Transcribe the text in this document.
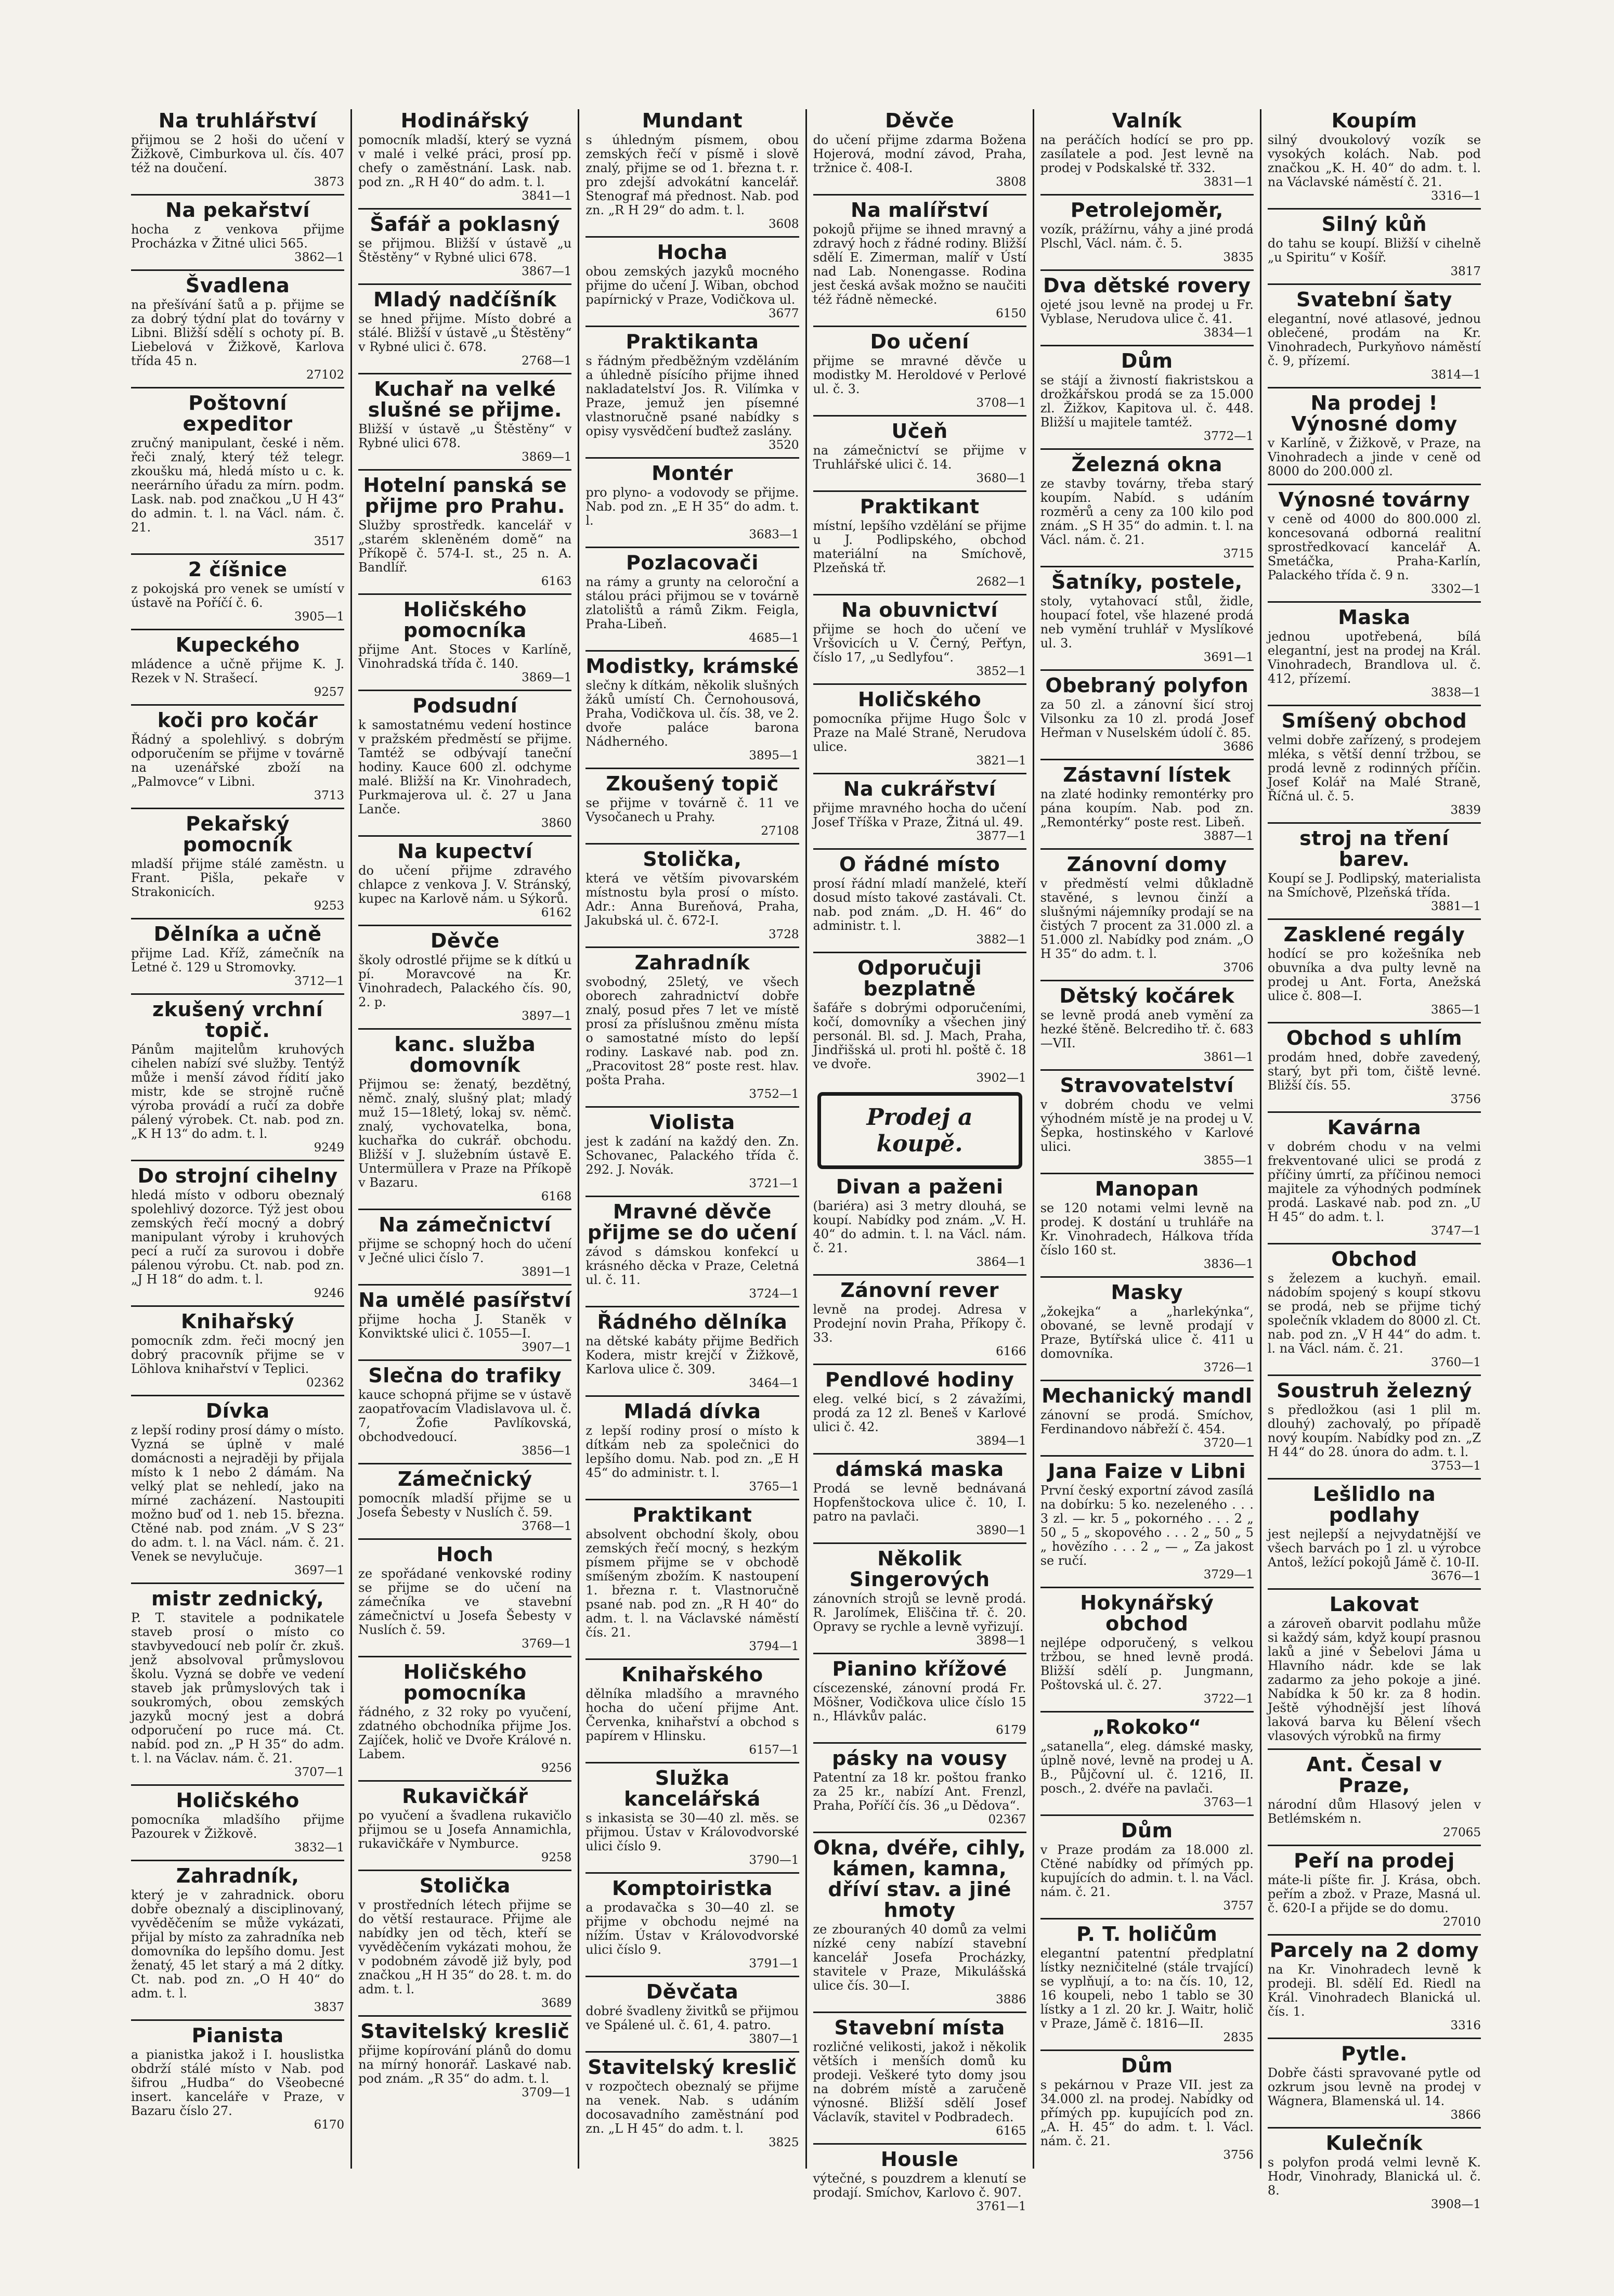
Na truhlářství
přijmou se 2 hoši do učení v Žižkově, Cimburkova ul. čís. 407 též na doučení.
3873
Na pekařství
hocha z venkova přijme Procházka v Žitné ulici 565.
3862—1
Švadlena
na přešívání šatů a p. přijme se za dobrý týdní plat do továrny v Libni. Bližší sdělí s ochoty pí. B. Liebelová v Žižkově, Karlova třída 45 n.
27102
Poštovní expeditor
zručný manipulant, české i něm. řeči znalý, který též telegr. zkoušku má, hledá místo u c. k. neerárního úřadu za mírn. podm. Lask. nab. pod značkou „U H 43“ do admin. t. l. na Václ. nám. č. 21.
3517
2 číšnice
z pokojská pro venek se umístí v ústavě na Poříčí č. 6.
3905—1
Kupeckého
mládence a učně přijme K. J. Rezek v N. Strašecí.
9257
koči pro kočár
Řádný a spolehlivý. s dobrým odporučením se přijme v továrně na uzenářské zboží na „Palmovce“ v Libni.
3713
Pekařský pomocník
mladší přijme stálé zaměstn. u Frant. Pišla, pekaře v Strakonicích.
9253
Dělníka a učně
přijme Lad. Kříž, zámečník na Letné č. 129 u Stromovky.
3712—1
zkušený vrchní topič.
Pánům majitelům kruhových cihelen nabízí své služby. Tentýž může i menší závod řídití jako mistr, kde se strojně ručně výroba provádí a ručí za dobře pálený výrobek. Ct. nab. pod zn. „K H 13“ do adm. t. l.
9249
Do strojní cihelny
hledá místo v odboru obeznalý spolehlivý dozorce. Týž jest obou zemských řečí mocný a dobrý manipulant výroby i kruhových pecí a ručí za surovou i dobře pálenou výrobu. Ct. nab. pod zn. „J H 18“ do adm. t. l.
9246
Knihařský
pomocník zdm. řeči mocný jen dobrý pracovník přijme se v Löhlova knihařství v Teplici.
02362
Dívka
z lepší rodiny prosí dámy o místo. Vyzná se úplně v malé domácnosti a nejraději by přijala místo k 1 nebo 2 dámám. Na velký plat se nehledí, jako na mírné zacházení. Nastoupiti možno buď od 1. neb 15. března. Ctěné nab. pod znám. „V S 23“ do adm. t. l. na Václ. nám. č. 21. Venek se nevylučuje.
3697—1
mistr zednický,
P. T. stavitele a podnikatele staveb prosí o místo co stavbyvedoucí neb polír čr. zkuš. jenž absolvoval průmyslovou školu. Vyzná se dobře ve vedení staveb jak průmyslových tak i soukromých, obou zemských jazyků mocný jest a dobrá odporučení po ruce má. Ct. nabíd. pod zn. „P H 35“ do adm. t. l. na Václav. nám. č. 21.
3707—1
Holičského
pomocníka mladšího přijme Pazourek v Žižkově.
3832—1
Zahradník,
který je v zahradnick. oboru dobře obeznalý a disciplinovaný, vyvěděčením se může vykázati, přijal by místo za zahradníka neb domovníka do lepšího domu. Jest ženatý, 45 let starý a má 2 dítky. Ct. nab. pod zn. „O H 40“ do adm. t. l.
3837
Pianista
a pianistka jakož i I. houslistka obdrží stálé místo v Nab. pod šifrou „Hudba“ do Všeobecné insert. kanceláře v Praze, v Bazaru číslo 27.
6170
Hodinářský
pomocník mladší, který se vyzná v malé i velké práci, prosí pp. chefy o zaměstnání. Lask. nab. pod zn. „R H 40“ do adm. t. l.
3841—1
Šafář a poklasný
se přijmou. Bližší v ústavě „u Štěstěny“ v Rybné ulici 678.
3867—1
Mladý nadčíšník
se hned přijme. Místo dobré a stálé. Bližší v ústavě „u Štěstěny“ v Rybné ulici č. 678.
2768—1
Kuchař na velké slušné se přijme.
Bližší v ústavě „u Štěstěny“ v Rybné ulici 678.
3869—1
Hotelní panská se přijme pro Prahu.
Služby sprostředk. kancelář v „starém skleněném domě“ na Příkopě č. 574-I. st., 25 n. A. Bandlíř.
6163
Holičského pomocníka
přijme Ant. Stoces v Karlíně, Vinohradská třída č. 140.
3869—1
Podsudní
k samostatnému vedení hostince v pražském předměstí se přijme. Tamtéž se odbývají taneční hodiny. Kauce 600 zl. odchyme malé. Bližší na Kr. Vinohradech, Purkmajerova ul. č. 27 u Jana Lanče.
3860
Na kupectví
do učení přijme zdravého chlapce z venkova J. V. Stránský, kupec na Karlově nám. u Sýkorů.
6162
Děvče
školy odrostlé přijme se k dítkú u pí. Moravcové na Kr. Vinohradech, Palackého čís. 90, 2. p.
3897—1
kanc. služba domovník
Přijmou se: ženatý, bezdětný, němč. znalý, slušný plat; mladý muž 15—18letý, lokaj sv. němč. znalý, vychovatelka, bona, kuchařka do cukrář. obchodu. Bližší v J. služebním ústavě E. Untermüllera v Praze na Příkopě v Bazaru.
6168
Na zámečnictví
přijme se schopný hoch do učení v Ječné ulici číslo 7.
3891—1
Na umělé pasířství
přijme hocha J. Staněk v Konviktské ulici č. 1055—I.
3907—1
Slečna do trafiky
kauce schopná přijme se v ústavě zaopatřovacím Vladislavova ul. č. 7, Žofie Pavlíkovská, obchodvedoucí.
3856—1
Zámečnický
pomocník mladší přijme se u Josefa Šebesty v Nuslích č. 59.
3768—1
Hoch
ze spořádané venkovské rodiny se přijme se do učení na zámečníka ve stavební zámečnictví u Josefa Šebesty v Nuslích č. 59.
3769—1
Holičského pomocníka
řádného, z 32 roky po vyučení, zdatného obchodníka přijme Jos. Zajíček, holič ve Dvoře Králové n. Labem.
9256
Rukavičkář
po vyučení a švadlena rukavičlo přijmou se u Josefa Annamichla, rukavičkáře v Nymburce.
9258
Stolička
v prostředních létech přijme se do větší restaurace. Přijme ale nabídky jen od těch, kteří se vyvěděčením vykázati mohou, že v podobném závodě již byly, pod značkou „H H 35“ do 28. t. m. do adm. t. l.
3689
Stavitelský kreslič
přijme kopírování plánů do domu na mírný honorář. Laskavé nab. pod znám. „R 35“ do adm. t. l.
3709—1
Mundant
s úhledným písmem, obou zemských řečí v písmě i slově znalý, přijme se od 1. března t. r. pro zdejší advokátní kancelář. Stenograf má přednost. Nab. pod zn. „R H 29“ do adm. t. l.
3608
Hocha
obou zemských jazyků mocného přijme do učení J. Wiban, obchod papírnický v Praze, Vodičkova ul.
3677
Praktikanta
s řádným předběžným vzděláním a úhledně písícího přijme ihned nakladatelství Jos. R. Vilímka v Praze, jemuž jen písemné vlastnoručně psané nabídky s opisy vysvědčení buďtež zaslány.
3520
Montér
pro plyno- a vodovody se přijme. Nab. pod zn. „E H 35“ do adm. t. l.
3683—1
Pozlacovači
na rámy a grunty na celoroční a stálou práci přijmou se v továrně zlatolištů a rámů Zikm. Feigla, Praha-Libeň.
4685—1
Modistky, krámské
slečny k dítkám, několik slušných žáků umístí Ch. Černohousová, Praha, Vodičkova ul. čís. 38, ve 2. dvoře paláce barona Nádherného.
3895—1
Zkoušený topič
se přijme v továrně č. 11 ve Vysočanech u Prahy.
27108
Stolička,
která ve větším pivovarském místnostu byla prosí o místo. Adr.: Anna Bureňová, Praha, Jakubská ul. č. 672-I.
3728
Zahradník
svobodný, 25letý, ve všech oborech zahradnictví dobře znalý, posud přes 7 let ve místě prosí za příslušnou změnu místa o samostatné místo do lepší rodiny. Laskavé nab. pod zn. „Pracovitost 28“ poste rest. hlav. pošta Praha.
3752—1
Violista
jest k zadání na každý den. Zn. Schovanec, Palackého třída č. 292. J. Novák.
3721—1
Mravné děvče přijme se do učení
závod s dámskou konfekcí u krásného děcka v Praze, Celetná ul. č. 11.
3724—1
Řádného dělníka
na dětské kabáty přijme Bedřich Kodera, mistr krejčí v Žižkově, Karlova ulice č. 309.
3464—1
Mladá dívka
z lepší rodiny prosí o místo k dítkám neb za společnici do lepšího domu. Nab. pod zn. „E H 45“ do administr. t. l.
3765—1
Praktikant
absolvent obchodní školy, obou zemských řečí mocný, s hezkým písmem přijme se v obchodě smíšeným zbožím. K nastoupení 1. března r. t. Vlastnoručně psané nab. pod zn. „R H 40“ do adm. t. l. na Václavské náměstí čís. 21.
3794—1
Knihařského
dělníka mladšího a mravného hocha do učení přijme Ant. Červenka, knihařství a obchod s papírem v Hlinsku.
6157—1
Služka kancelářská
s inkasista se 30—40 zl. měs. se přijmou. Ústav v Královodvorské ulici číslo 9.
3790—1
Komptoiristka
a prodavačka s 30—40 zl. se přijme v obchodu nejmé na nížím. Ústav v Královodvorské ulici číslo 9.
3791—1
Děvčata
dobré švadleny živitků se přijmou ve Spálené ul. č. 61, 4. patro.
3807—1
Stavitelský kreslič
v rozpočtech obeznalý se přijme na venek. Nab. s udáním docosavadního zaměstnání pod zn. „L H 45“ do adm. t. l.
3825
Děvče
do učení přijme zdarma Božena Hojerová, modní závod, Praha, tržnice č. 408-I.
3808
Na malířství
pokojů přijme se ihned mravný a zdravý hoch z řádné rodiny. Bližší sdělí E. Zimerman, malíř v Ústí nad Lab. Nonengasse. Rodina jest česká avšak možno se naučiti též řádně německé.
6150
Do učení
přijme se mravné děvče u modistky M. Heroldové v Perlové ul. č. 3.
3708—1
Učeň
na zámečnictví se přijme v Truhlářské ulici č. 14.
3680—1
Praktikant
místní, lepšího vzdělání se přijme u J. Podlipského, obchod materiální na Smíchově, Plzeňská tř.
2682—1
Na obuvnictví
přijme se hoch do učení ve Vršovicích u V. Černý, Peřťyn, číslo 17, „u Sedlyfou“.
3852—1
Holičského
pomocníka přijme Hugo Šolc v Praze na Malé Straně, Nerudova ulice.
3821—1
Na cukrářství
přijme mravného hocha do učení Josef Tříška v Praze, Žitná ul. 49.
3877—1
O řádné místo
prosí řádní mladí manželé, kteří dosud místo takové zastávali. Ct. nab. pod znám. „D. H. 46“ do administr. t. l.
3882—1
Odporučuji bezplatně
šafáře s dobrými odporučeními, kočí, domovníky a všechen jiný personál. Bl. sd. J. Mach, Praha, Jindřišská ul. proti hl. poště č. 18 ve dvoře.
3902—1
Prodej a koupě.
Divan a paženi
(bariéra) asi 3 metry dlouhá, se koupí. Nabídky pod znám. „V. H. 40“ do admin. t. l. na Václ. nám. č. 21.
3864—1
Zánovní rever
levně na prodej. Adresa v Prodejní novin Praha, Příkopy č. 33.
6166
Pendlové hodiny
eleg. velké bicí, s 2 závažími, prodá za 12 zl. Beneš v Karlové ulici č. 42.
3894—1
dámská maska
Prodá se levně bednávaná Hopfenštockova ulice č. 10, I. patro na pavlači.
3890—1
Několik Singerových
zánovních strojů se levně prodá. R. Jarolímek, Eliščina tř. č. 20. Opravy se rychle a levně vyřizují.
3898—1
Pianino křížové
císcezenské, zánovní prodá Fr. Möšner, Vodičkova ulice číslo 15 n., Hlávkův palác.
6179
pásky na vousy
Patentní za 18 kr. poštou franko za 25 kr., nabízí Ant. Frenzl, Praha, Poříčí čís. 36 „u Dědova“.
02367
Okna, dvéře, cihly, kámen, kamna, dříví stav. a jiné hmoty
ze zbouraných 40 domů za velmi nízké ceny nabízí stavební kancelář Josefa Procházky, stavitele v Praze, Mikulášská ulice čís. 30—I.
3886
Stavební místa
rozličné velikosti, jakož i několik větších i menších domů ku prodeji. Veškeré tyto domy jsou na dobrém místě a zaručeně výnosné. Bližší sdělí Josef Václavík, stavitel v Podbradech.
6165
Housle
výtečné, s pouzdrem a klenutí se prodají. Smíchov, Karlovo č. 907.
3761—1
Valník
na peráčích hodící se pro pp. zasílatele a pod. Jest levně na prodej v Podskalské tř. 332.
3831—1
Petrolejoměr,
vozík, prážírnu, váhy a jiné prodá Plschl, Václ. nám. č. 5.
3835
Dva dětské rovery
ojeté jsou levně na prodej u Fr. Vyblase, Nerudova ulice č. 41.
3834—1
Dům
se stájí a živností fiakristskou a drožkářskou prodá se za 15.000 zl. Žižkov, Kapitova ul. č. 448. Bližší u majitele tamtéž.
3772—1
Železná okna
ze stavby továrny, třeba starý koupím. Nabíd. s udáním rozměrů a ceny za 100 kilo pod znám. „S H 35“ do admin. t. l. na Václ. nám. č. 21.
3715
Šatníky, postele,
stoly, vytahovací stůl, židle, houpací fotel, vše hlazené prodá neb vymění truhlář v Myslíkové ul. 3.
3691—1
Obebraný polyfon
za 50 zl. a zánovní šicí stroj Vilsonku za 10 zl. prodá Josef Heřman v Nuselském údolí č. 85.
3686
Zástavní lístek
na zlaté hodinky remontérky pro pána koupím. Nab. pod zn. „Remontérky“ poste rest. Libeň.
3887—1
Zánovní domy
v předměstí velmi důkladně stavěné, s levnou činží a slušnými nájemníky prodají se na čistých 7 procent za 31.000 zl. a 51.000 zl. Nabídky pod znám. „O H 35“ do adm. t. l.
3706
Dětský kočárek
se levně prodá aneb vymění za hezké štěně. Belcrediho tř. č. 683—VII.
3861—1
Stravovatelství
v dobrém chodu ve velmi výhodném místě je na prodej u V. Šepka, hostinského v Karlové ulici.
3855—1
Manopan
se 120 notami velmi levně na prodej. K dostání u truhláře na Kr. Vinohradech, Hálkova třída číslo 160 st.
3836—1
Masky
„žokejka“ a „harlekýnka“, obované, se levně prodají v Praze, Bytířská ulice č. 411 u domovníka.
3726—1
Mechanický mandl
zánovní se prodá. Smíchov, Ferdinandovo nábřeží č. 454.
3720—1
Jana Faize v Libni
První český exportní závod zasílá na dobírku: 5 ko. nezeleného . . . 3 zl. — kr. 5 „ pokorného . . . 2 „ 50 „ 5 „ skopového . . . 2 „ 50 „ 5 „ hovězího . . . 2 „ — „ Za jakost se ručí.
3729—1
Hokynářský obchod
nejlépe odporučený, s velkou tržbou, se hned levně prodá. Bližší sdělí p. Jungmann, Poštovská ul. č. 27.
3722—1
„Rokoko“
„satanella“, eleg. dámské masky, úplně nové, levně na prodej u A. B., Půjčovní ul. č. 1216, II. posch., 2. dvéře na pavlači.
3763—1
Dům
v Praze prodám za 18.000 zl. Ctěné nabídky od přímých pp. kupujících do admin. t. l. na Václ. nám. č. 21.
3757
P. T. holičům
elegantní patentní předplatní lístky nezničitelné (stále trvající) se vyplňují, a to: na čís. 10, 12, 16 koupeli, nebo 1 tablo se 30 lístky a 1 zl. 20 kr. J. Waitr, holič v Praze, Jámě č. 1816—II.
2835
Dům
s pekárnou v Praze VII. jest za 34.000 zl. na prodej. Nabídky od přímých pp. kupujících pod zn. „A. H. 45“ do adm. t. l. Václ. nám. č. 21.
3756
Koupím
silný dvoukolový vozík se vysokých kolách. Nab. pod značkou „K. H. 40“ do adm. t. l. na Václavské náměstí č. 21.
3316—1
Silný kůň
do tahu se koupí. Bližší v cihelně „u Spiritu“ v Košíř.
3817
Svatební šaty
elegantní, nové atlasové, jednou oblečené, prodám na Kr. Vinohradech, Purkyňovo náměstí č. 9, přízemí.
3814—1
Na prodej ! Výnosné domy
v Karlíně, v Žižkově, v Praze, na Vinohradech a jinde v ceně od 8000 do 200.000 zl.
Výnosné továrny
v ceně od 4000 do 800.000 zl. koncesovaná odborná realitní sprostředkovací kancelář A. Smetáčka, Praha-Karlín, Palackého třída č. 9 n.
3302—1
Maska
jednou upotřebená, bílá elegantní, jest na prodej na Král. Vinohradech, Brandlova ul. č. 412, přízemí.
3838—1
Smíšený obchod
velmi dobře zařízený, s prodejem mléka, s větší denní tržbou, se prodá levně z rodinných příčin. Josef Kolář na Malé Straně, Říčná ul. č. 5.
3839
stroj na tření barev.
Koupí se J. Podlipský, materialista na Smíchově, Plzeňská třída.
3881—1
Zasklené regály
hodící se pro kožešníka neb obuvníka a dva pulty levně na prodej u Ant. Forta, Anežská ulice č. 808—I.
3865—1
Obchod s uhlím
prodám hned, dobře zavedený, starý, byt při tom, čiště levné. Bližší čís. 55.
3756
Kavárna
v dobrém chodu v na velmi frekventované ulici se prodá z příčiny úmrtí, za příčinou nemoci majitele za výhodných podmínek prodá. Laskavé nab. pod zn. „U H 45“ do adm. t. l.
3747—1
Obchod
s železem a kuchyň. email. nádobím spojený s koupí stkovu se prodá, neb se přijme tichý společník vkladem do 8000 zl. Ct. nab. pod zn. „V H 44“ do adm. t. l. na Václ. nám. č. 21.
3760—1
Soustruh železný
s předložkou (asi 1 plil m. dlouhý) zachovalý, po případě nový koupím. Nabídky pod zn. „Z H 44“ do 28. února do adm. t. l.
3753—1
Lešlidlo na podlahy
jest nejlepší a nejvydatnější ve všech barvách po 1 zl. u výrobce Antoš, ležící pokojů Jámě č. 10-II.
3676—1
Lakovat
a zároveň obarvit podlahu může si každý sám, když koupí prasnou laků a jiné v Šebelovi Jáma u Hlavního nádr. kde se lak zadarmo za jeho pokoje a jiné. Nabídka k 50 kr. za 8 hodin. Ještě výhodnější jest líhová laková barva ku Bělení všech vlasových výrobků na firmy
Ant. Česal v Praze,
národní dům Hlasový jelen v Betlémském n.
27065
Peří na prodej
máte-li píšte fir. J. Krása, obch. peřím a zbož. v Praze, Masná ul. č. 620-I a přijde se do domu.
27010
Parcely na 2 domy
na Kr. Vinohradech levně k prodeji. Bl. sdělí Ed. Riedl na Král. Vinohradech Blanická ul. čís. 1.
3316
Pytle.
Dobře části spravované pytle od ozkrum jsou levně na prodej v Wágnera, Blamenská ul. 14.
3866
Kulečník
s polyfon prodá velmi levně K. Hodr, Vinohrady, Blanická ul. č. 8.
3908—1
